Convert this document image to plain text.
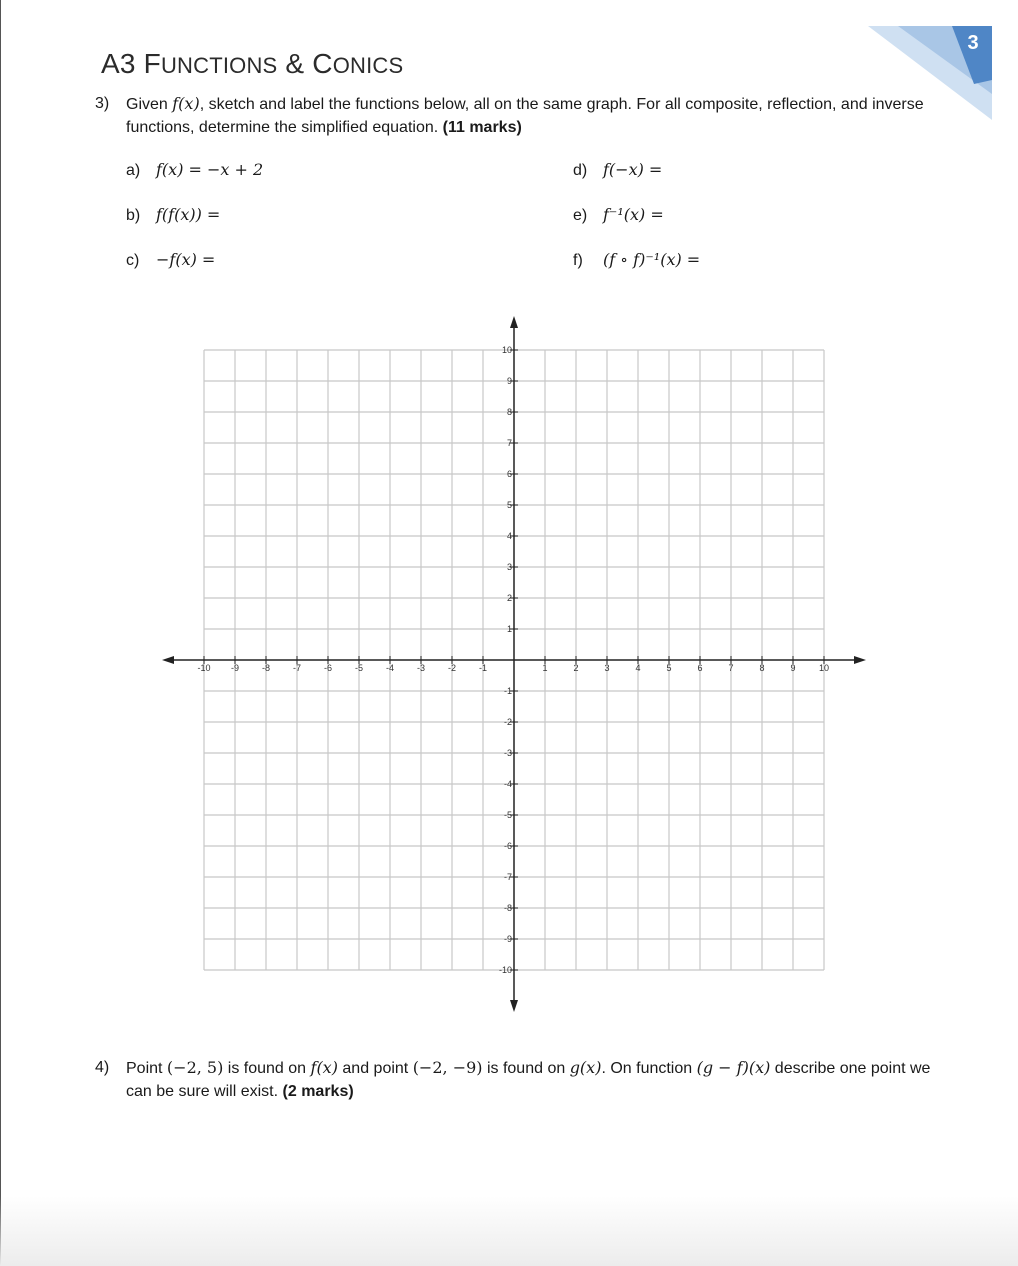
3
A3 FUNCTIONS & CONICS
3) Given f(x), sketch and label the functions below, all on the same graph. For all composite, reflection, and inverse functions, determine the simplified equation. (11 marks)
a) f(x) = −x + 2
b) f(f(x)) =
c) −f(x) =
d) f(−x) =
e) f⁻¹(x) =
f) (f ∘ f)⁻¹(x) =
-10 -9	-8	-7	-6	-5	-4	-3	-2	-1	1	2	3	4	5	6	7	8	9	10
10
9
8
7
6
5
4
3
2
1
-1
-2
-3
-4
-5
-6
-7
-8
-9
-10
4) Point (−2, 5) is found on f(x) and point (−2, −9) is found on g(x). On function (g − f)(x) describe one point we can be sure will exist. (2 marks)
